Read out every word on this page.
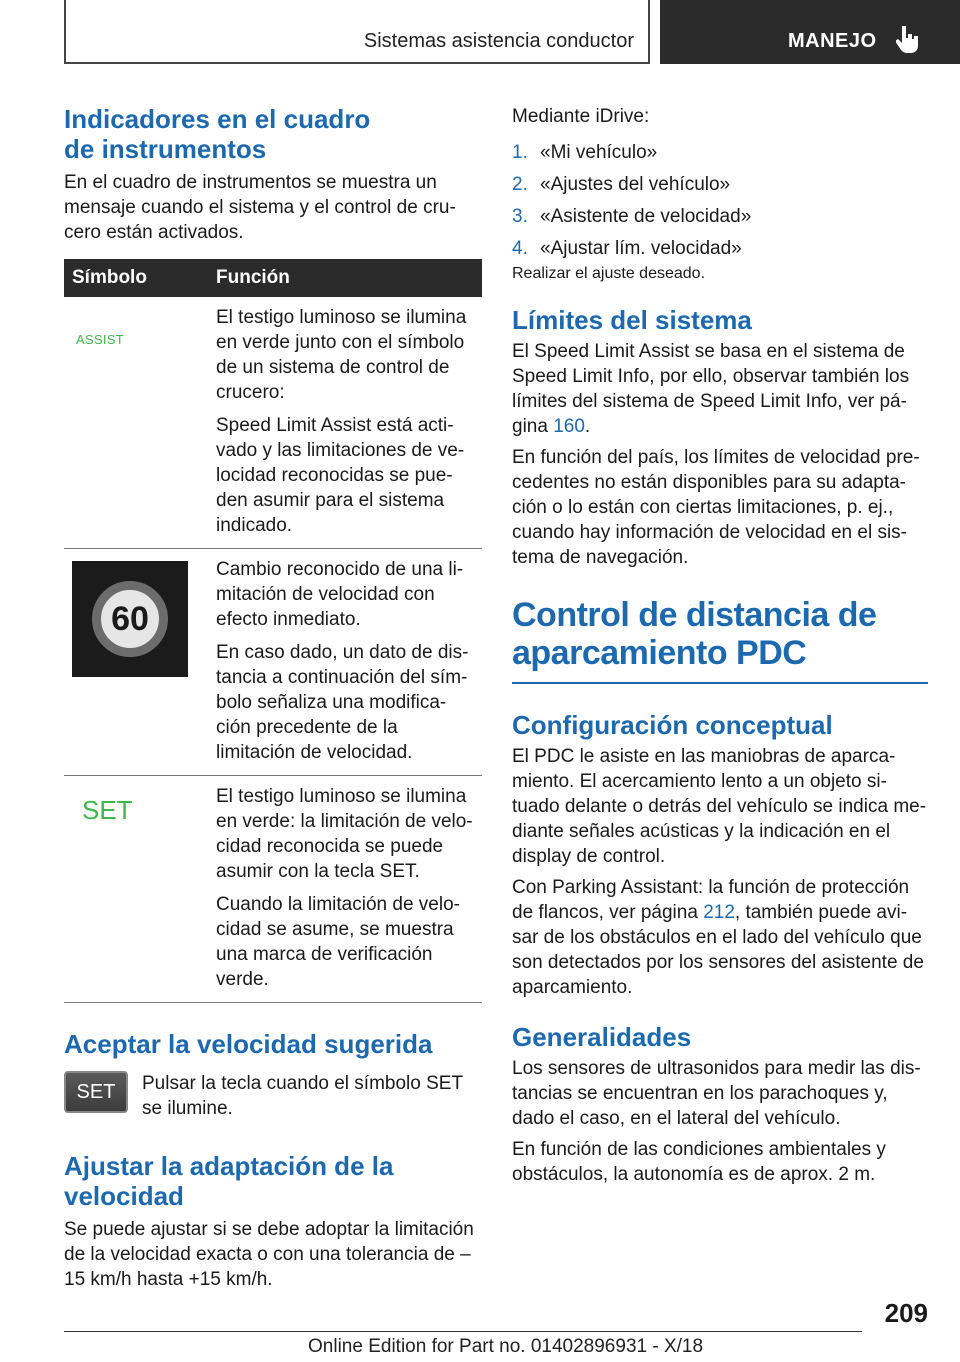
Sistemas asistencia conductor	MANEJO
Indicadores en el cuadro
de instrumentos

En el cuadro de instrumentos se muestra un mensaje cuando el sistema y el control de cru- cero están activados.

Símbolo	Función

ASSIST	El testigo luminoso se ilumina en verde junto con el símbolo de un sistema de control de crucero:

Speed Limit Assist está acti- vado y las limitaciones de ve- locidad reconocidas se pue- den asumir para el sistema indicado.

60	Cambio reconocido de una li- mitación de velocidad con efecto inmediato.

En caso dado, un dato de dis- tancia a continuación del sím- bolo señaliza una modifica- ción precedente de la limitación de velocidad.

SET	El testigo luminoso se ilumina en verde: la limitación de velo- cidad reconocida se puede asumir con la tecla SET.

Cuando la limitación de velo- cidad se asume, se muestra una marca de verificación verde.

Aceptar la velocidad sugerida
SET	Pulsar la tecla cuando el símbolo SET se ilumine.

Ajustar la adaptación de la
velocidad

Se puede ajustar si se debe adoptar la limitación de la velocidad exacta o con una tolerancia de – 15 km/h hasta +15 km/h.

Mediante iDrive:

1. «Mi vehículo»
2. «Ajustes del vehículo»
3. «Asistente de velocidad»
4. «Ajustar lím. velocidad»

Realizar el ajuste deseado.

Límites del sistema

El Speed Limit Assist se basa en el sistema de Speed Limit Info, por ello, observar también los límites del sistema de Speed Limit Info, ver pá- gina 160.

En función del país, los límites de velocidad pre- cedentes no están disponibles para su adapta- ción o lo están con ciertas limitaciones, p. ej., cuando hay información de velocidad en el sis- tema de navegación.

Control de distancia de
aparcamiento PDC
Configuración conceptual

El PDC le asiste en las maniobras de aparca- miento. El acercamiento lento a un objeto si- tuado delante o detrás del vehículo se indica me- diante señales acústicas y la indicación en el display de control.

Con Parking Assistant: la función de protección de flancos, ver página 212, también puede avi- sar de los obstáculos en el lado del vehículo que son detectados por los sensores del asistente de aparcamiento.

Generalidades

Los sensores de ultrasonidos para medir las dis- tancias se encuentran en los parachoques y, dado el caso, en el lateral del vehículo.

En función de las condiciones ambientales y obstáculos, la autonomía es de aprox. 2 m.

209
Online Edition for Part no. 01402896931 - X/18
